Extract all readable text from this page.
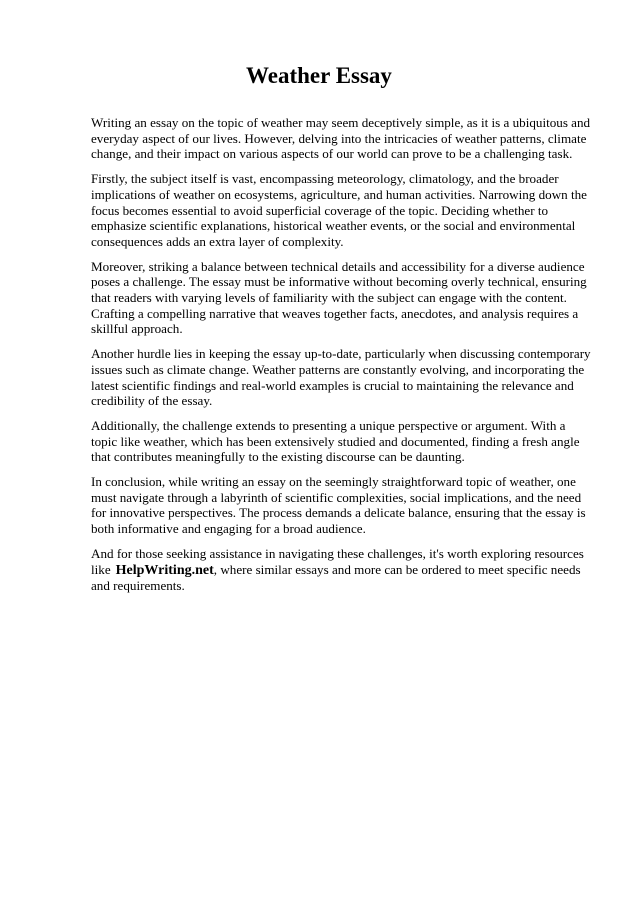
Weather Essay

Writing an essay on the topic of weather may seem deceptively simple, as it is a ubiquitous and everyday aspect of our lives. However, delving into the intricacies of weather patterns, climate change, and their impact on various aspects of our world can prove to be a challenging task.

Firstly, the subject itself is vast, encompassing meteorology, climatology, and the broader implications of weather on ecosystems, agriculture, and human activities. Narrowing down the focus becomes essential to avoid superficial coverage of the topic. Deciding whether to emphasize scientific explanations, historical weather events, or the social and environmental consequences adds an extra layer of complexity.

Moreover, striking a balance between technical details and accessibility for a diverse audience poses a challenge. The essay must be informative without becoming overly technical, ensuring that readers with varying levels of familiarity with the subject can engage with the content. Crafting a compelling narrative that weaves together facts, anecdotes, and analysis requires a skillful approach.

Another hurdle lies in keeping the essay up-to-date, particularly when discussing contemporary issues such as climate change. Weather patterns are constantly evolving, and incorporating the latest scientific findings and real-world examples is crucial to maintaining the relevance and credibility of the essay.

Additionally, the challenge extends to presenting a unique perspective or argument. With a topic like weather, which has been extensively studied and documented, finding a fresh angle that contributes meaningfully to the existing discourse can be daunting.

In conclusion, while writing an essay on the seemingly straightforward topic of weather, one must navigate through a labyrinth of scientific complexities, social implications, and the need for innovative perspectives. The process demands a delicate balance, ensuring that the essay is both informative and engaging for a broad audience.

And for those seeking assistance in navigating these challenges, it's worth exploring resources like HelpWriting.net, where similar essays and more can be ordered to meet specific needs and requirements.
